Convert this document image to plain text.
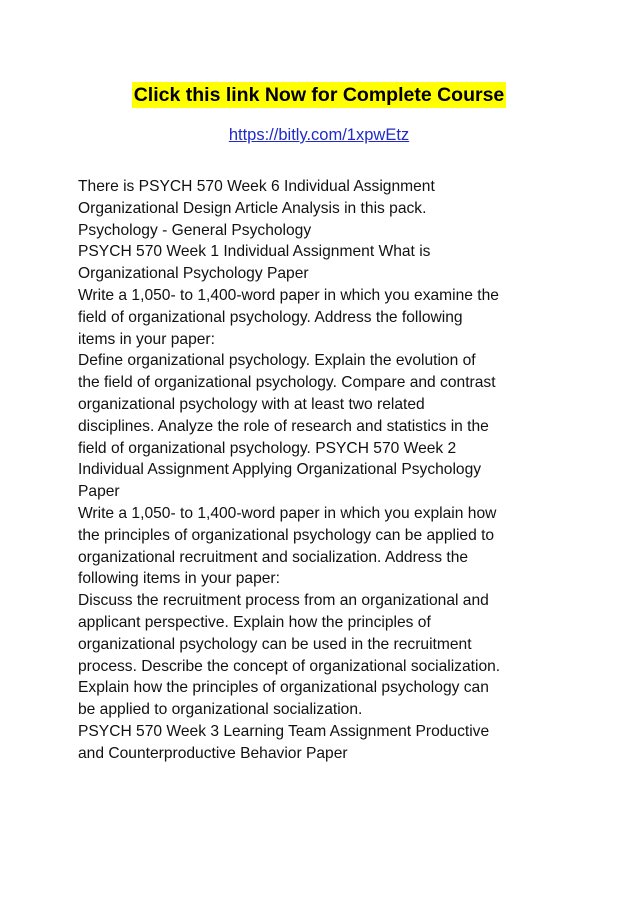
Click this link Now for Complete Course
https://bitly.com/1xpwEtz
There is PSYCH 570 Week 6 Individual Assignment
Organizational Design Article Analysis in this pack.
Psychology - General Psychology
PSYCH 570 Week 1 Individual Assignment What is
Organizational Psychology Paper
Write a 1,050- to 1,400-word paper in which you examine the
field of organizational psychology. Address the following
items in your paper:
Define organizational psychology. Explain the evolution of
the field of organizational psychology. Compare and contrast
organizational psychology with at least two related
disciplines. Analyze the role of research and statistics in the
field of organizational psychology. PSYCH 570 Week 2
Individual Assignment Applying Organizational Psychology
Paper
Write a 1,050- to 1,400-word paper in which you explain how
the principles of organizational psychology can be applied to
organizational recruitment and socialization. Address the
following items in your paper:
Discuss the recruitment process from an organizational and
applicant perspective. Explain how the principles of
organizational psychology can be used in the recruitment
process. Describe the concept of organizational socialization.
Explain how the principles of organizational psychology can
be applied to organizational socialization.
PSYCH 570 Week 3 Learning Team Assignment Productive
and Counterproductive Behavior Paper
